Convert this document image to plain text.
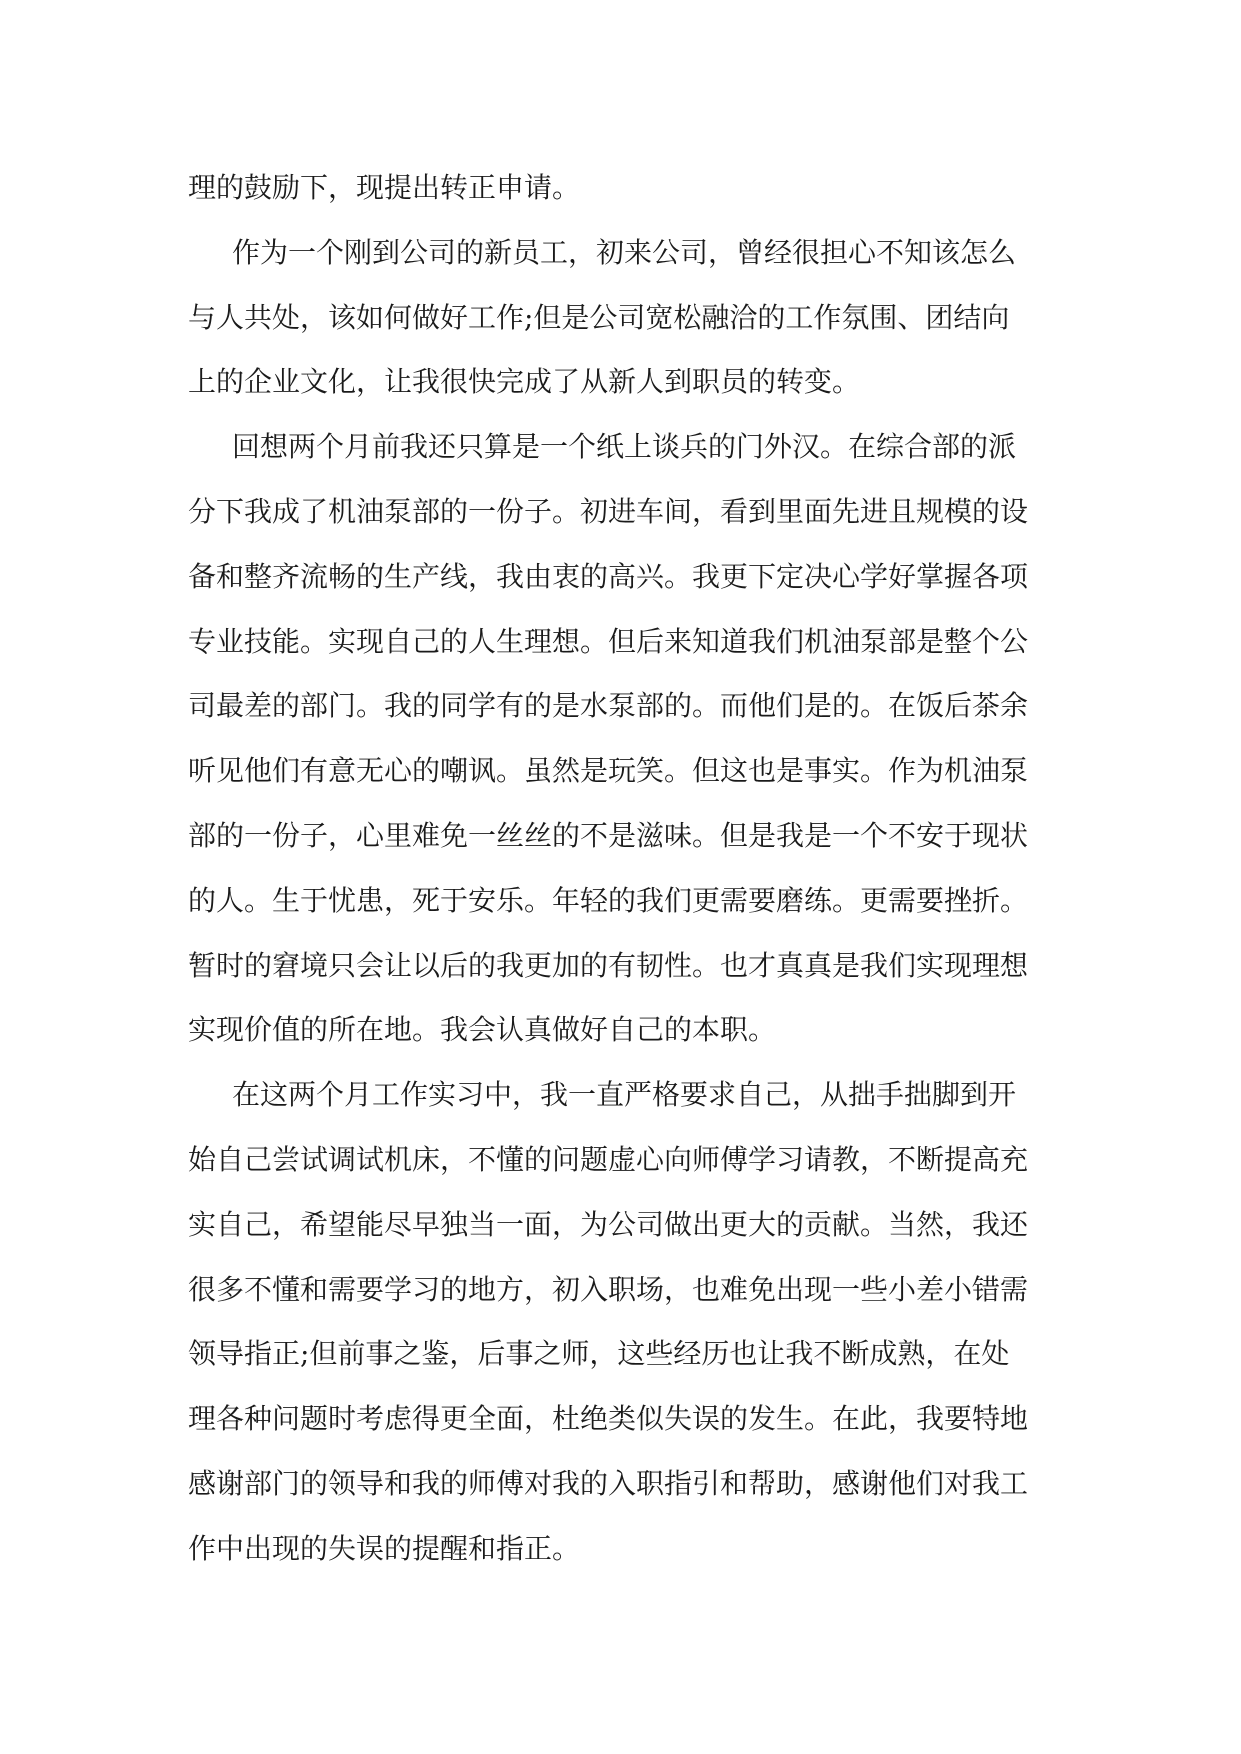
理的鼓励下，现提出转正申请。
作为一个刚到公司的新员工，初来公司，曾经很担心不知该怎么
与人共处，该如何做好工作;但是公司宽松融洽的工作氛围、团结向
上的企业文化，让我很快完成了从新人到职员的转变。
回想两个月前我还只算是一个纸上谈兵的门外汉。在综合部的派
分下我成了机油泵部的一份子。初进车间，看到里面先进且规模的设
备和整齐流畅的生产线，我由衷的高兴。我更下定决心学好掌握各项
专业技能。实现自己的人生理想。但后来知道我们机油泵部是整个公
司最差的部门。我的同学有的是水泵部的。而他们是的。在饭后茶余
听见他们有意无心的嘲讽。虽然是玩笑。但这也是事实。作为机油泵
部的一份子，心里难免一丝丝的不是滋味。但是我是一个不安于现状
的人。生于忧患，死于安乐。年轻的我们更需要磨练。更需要挫折。
暂时的窘境只会让以后的我更加的有韧性。也才真真是我们实现理想
实现价值的所在地。我会认真做好自己的本职。
在这两个月工作实习中，我一直严格要求自己，从拙手拙脚到开
始自己尝试调试机床，不懂的问题虚心向师傅学习请教，不断提高充
实自己，希望能尽早独当一面，为公司做出更大的贡献。当然，我还
很多不懂和需要学习的地方，初入职场，也难免出现一些小差小错需
领导指正;但前事之鉴，后事之师，这些经历也让我不断成熟，在处
理各种问题时考虑得更全面，杜绝类似失误的发生。在此，我要特地
感谢部门的领导和我的师傅对我的入职指引和帮助，感谢他们对我工
作中出现的失误的提醒和指正。
